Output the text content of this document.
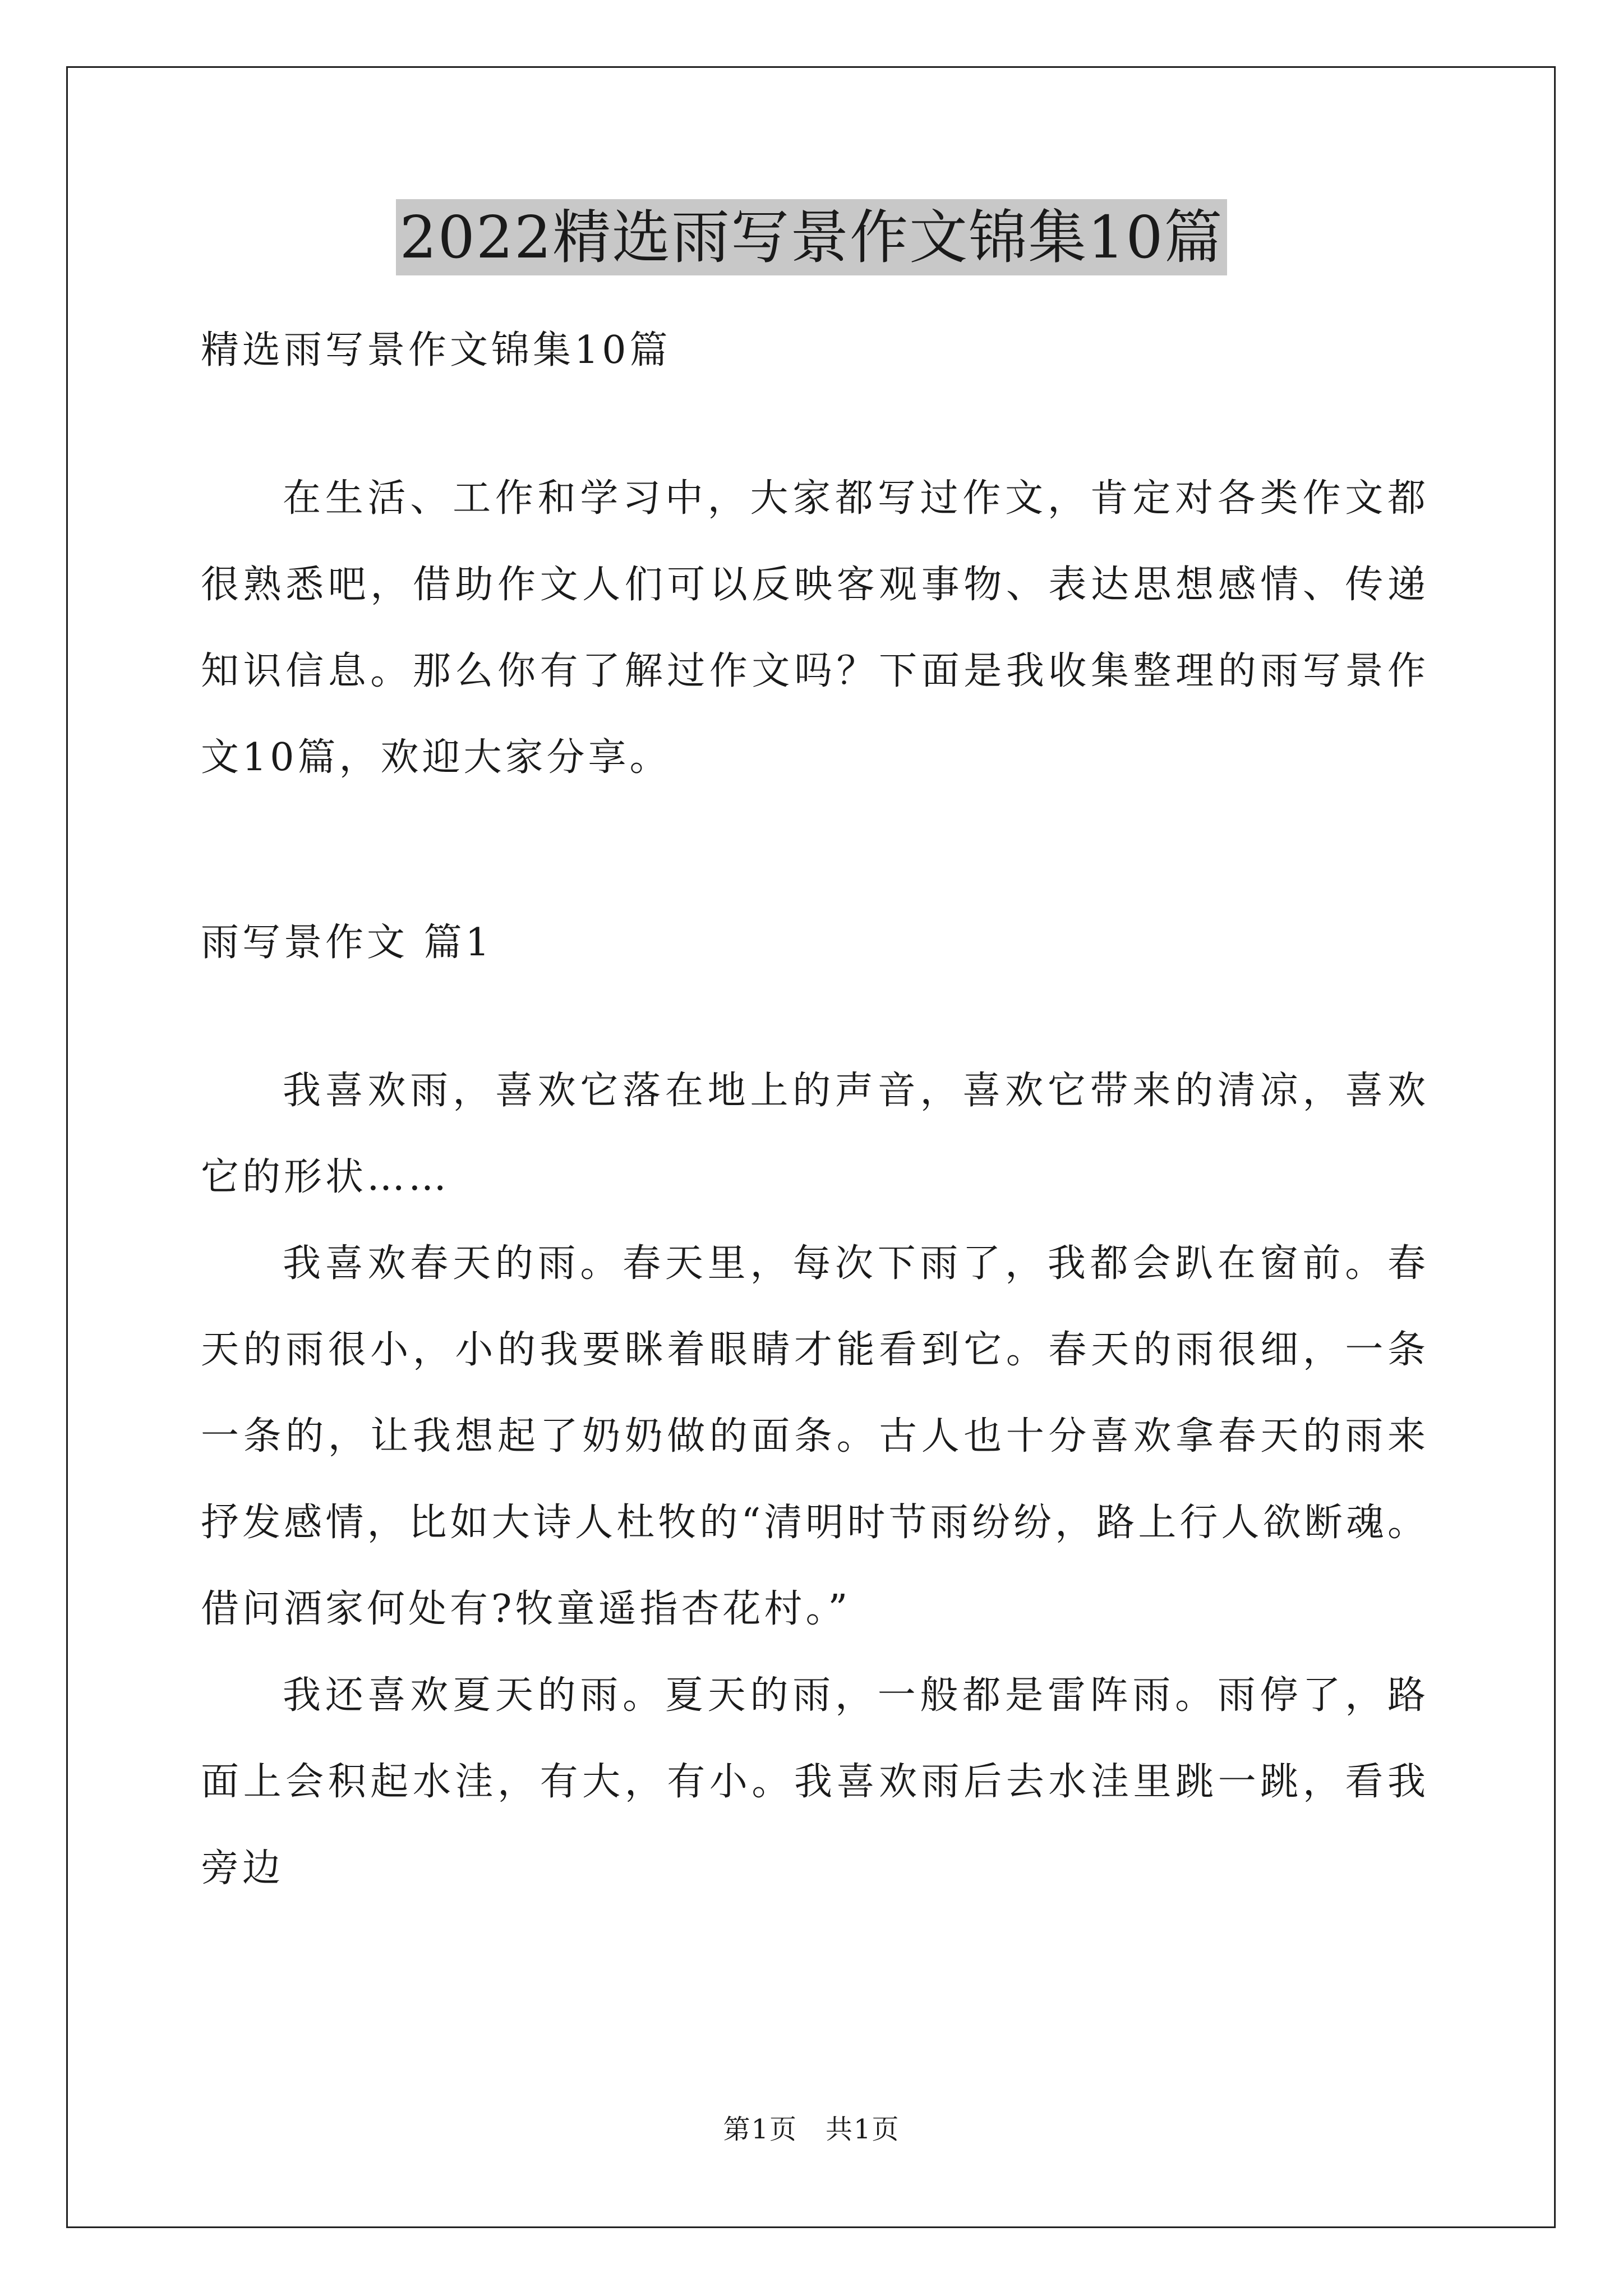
2022精选雨写景作文锦集10篇

精选雨写景作文锦集10篇

在生活、工作和学习中，大家都写过作文，肯定对各类作文都很熟悉吧，借助作文人们可以反映客观事物、表达思想感情、传递知识信息。那么你有了解过作文吗？下面是我收集整理的雨写景作文10篇，欢迎大家分享。

雨写景作文 篇1

我喜欢雨，喜欢它落在地上的声音，喜欢它带来的清凉，喜欢它的形状……

我喜欢春天的雨。春天里，每次下雨了，我都会趴在窗前。春天的雨很小，小的我要眯着眼睛才能看到它。春天的雨很细，一条一条的，让我想起了奶奶做的面条。古人也十分喜欢拿春天的雨来抒发感情，比如大诗人杜牧的“清明时节雨纷纷，路上行人欲断魂。借问酒家何处有?牧童遥指杏花村。”

我还喜欢夏天的雨。夏天的雨，一般都是雷阵雨。雨停了，路面上会积起水洼，有大，有小。我喜欢雨后去水洼里跳一跳，看我旁边

第1页　共1页
